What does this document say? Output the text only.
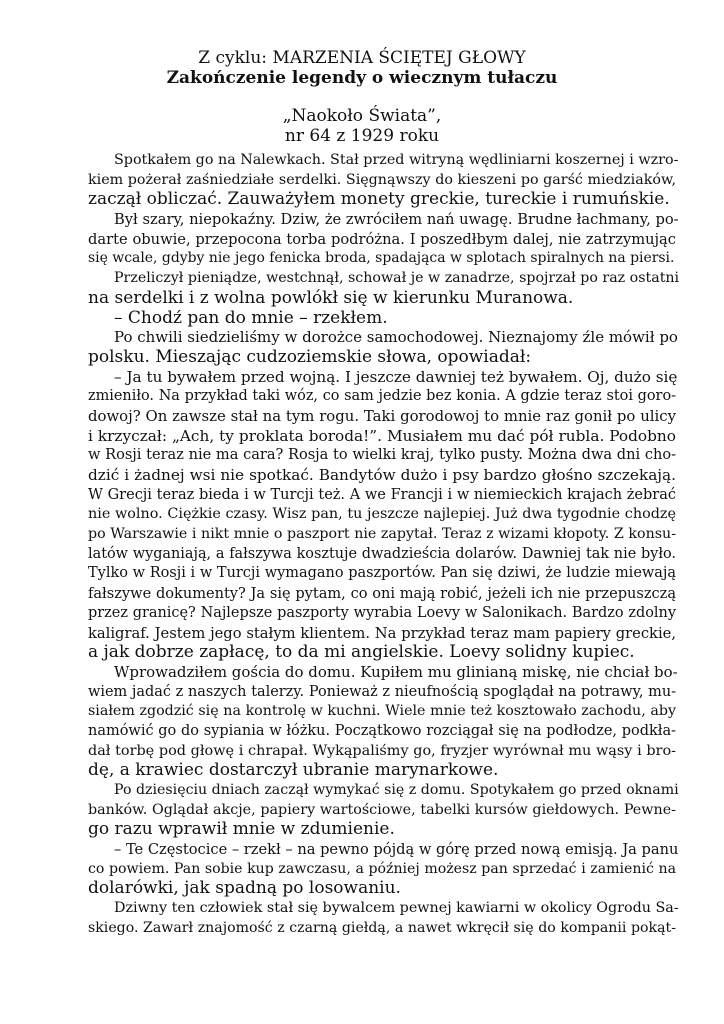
Z cyklu: MARZENIA ŚCIĘTEJ GŁOWY
Zakończenie legendy o wiecznym tułaczu
„Naokoło Świata”,
nr 64 z 1929 roku
Spotkałem go na Nalewkach. Stał przed witryną wędliniarni koszernej i wzro-
kiem pożerał zaśniedziałe serdelki. Sięgnąwszy do kieszeni po garść miedziaków,
zaczął obliczać. Zauważyłem monety greckie, tureckie i rumuńskie.
Był szary, niepokaźny. Dziw, że zwróciłem nań uwagę. Brudne łachmany, po-
darte obuwie, przepocona torba podróżna. I poszedłbym dalej, nie zatrzymując
się wcale, gdyby nie jego fenicka broda, spadająca w splotach spiralnych na piersi.
Przeliczył pieniądze, westchnął, schował je w zanadrze, spojrzał po raz ostatni
na serdelki i z wolna powlókł się w kierunku Muranowa.
– Chodź pan do mnie – rzekłem.
Po chwili siedzieliśmy w dorożce samochodowej. Nieznajomy źle mówił po
polsku. Mieszając cudzoziemskie słowa, opowiadał:
– Ja tu bywałem przed wojną. I jeszcze dawniej też bywałem. Oj, dużo się
zmieniło. Na przykład taki wóz, co sam jedzie bez konia. A gdzie teraz stoi goro-
dowoj? On zawsze stał na tym rogu. Taki gorodowoj to mnie raz gonił po ulicy
i krzyczał: „Ach, ty proklata boroda!”. Musiałem mu dać pół rubla. Podobno
w Rosji teraz nie ma cara? Rosja to wielki kraj, tylko pusty. Można dwa dni cho-
dzić i żadnej wsi nie spotkać. Bandytów dużo i psy bardzo głośno szczekają.
W Grecji teraz bieda i w Turcji też. A we Francji i w niemieckich krajach żebrać
nie wolno. Ciężkie czasy. Wisz pan, tu jeszcze najlepiej. Już dwa tygodnie chodzę
po Warszawie i nikt mnie o paszport nie zapytał. Teraz z wizami kłopoty. Z konsu-
latów wyganiają, a fałszywa kosztuje dwadzieścia dolarów. Dawniej tak nie było.
Tylko w Rosji i w Turcji wymagano paszportów. Pan się dziwi, że ludzie miewają
fałszywe dokumenty? Ja się pytam, co oni mają robić, jeżeli ich nie przepuszczą
przez granicę? Najlepsze paszporty wyrabia Loevy w Salonikach. Bardzo zdolny
kaligraf. Jestem jego stałym klientem. Na przykład teraz mam papiery greckie,
a jak dobrze zapłacę, to da mi angielskie. Loevy solidny kupiec.
Wprowadziłem gościa do domu. Kupiłem mu glinianą miskę, nie chciał bo-
wiem jadać z naszych talerzy. Ponieważ z nieufnością spoglądał na potrawy, mu-
siałem zgodzić się na kontrolę w kuchni. Wiele mnie też kosztowało zachodu, aby
namówić go do sypiania w łóżku. Początkowo rozciągał się na podłodze, podkła-
dał torbę pod głowę i chrapał. Wykąpaliśmy go, fryzjer wyrównał mu wąsy i bro-
dę, a krawiec dostarczył ubranie marynarkowe.
Po dziesięciu dniach zaczął wymykać się z domu. Spotykałem go przed oknami
banków. Oglądał akcje, papiery wartościowe, tabelki kursów giełdowych. Pewne-
go razu wprawił mnie w zdumienie.
– Te Częstocice – rzekł – na pewno pójdą w górę przed nową emisją. Ja panu
co powiem. Pan sobie kup zawczasu, a później możesz pan sprzedać i zamienić na
dolarówki, jak spadną po losowaniu.
Dziwny ten człowiek stał się bywalcem pewnej kawiarni w okolicy Ogrodu Sa-
skiego. Zawarł znajomość z czarną giełdą, a nawet wkręcił się do kompanii pokąt-
